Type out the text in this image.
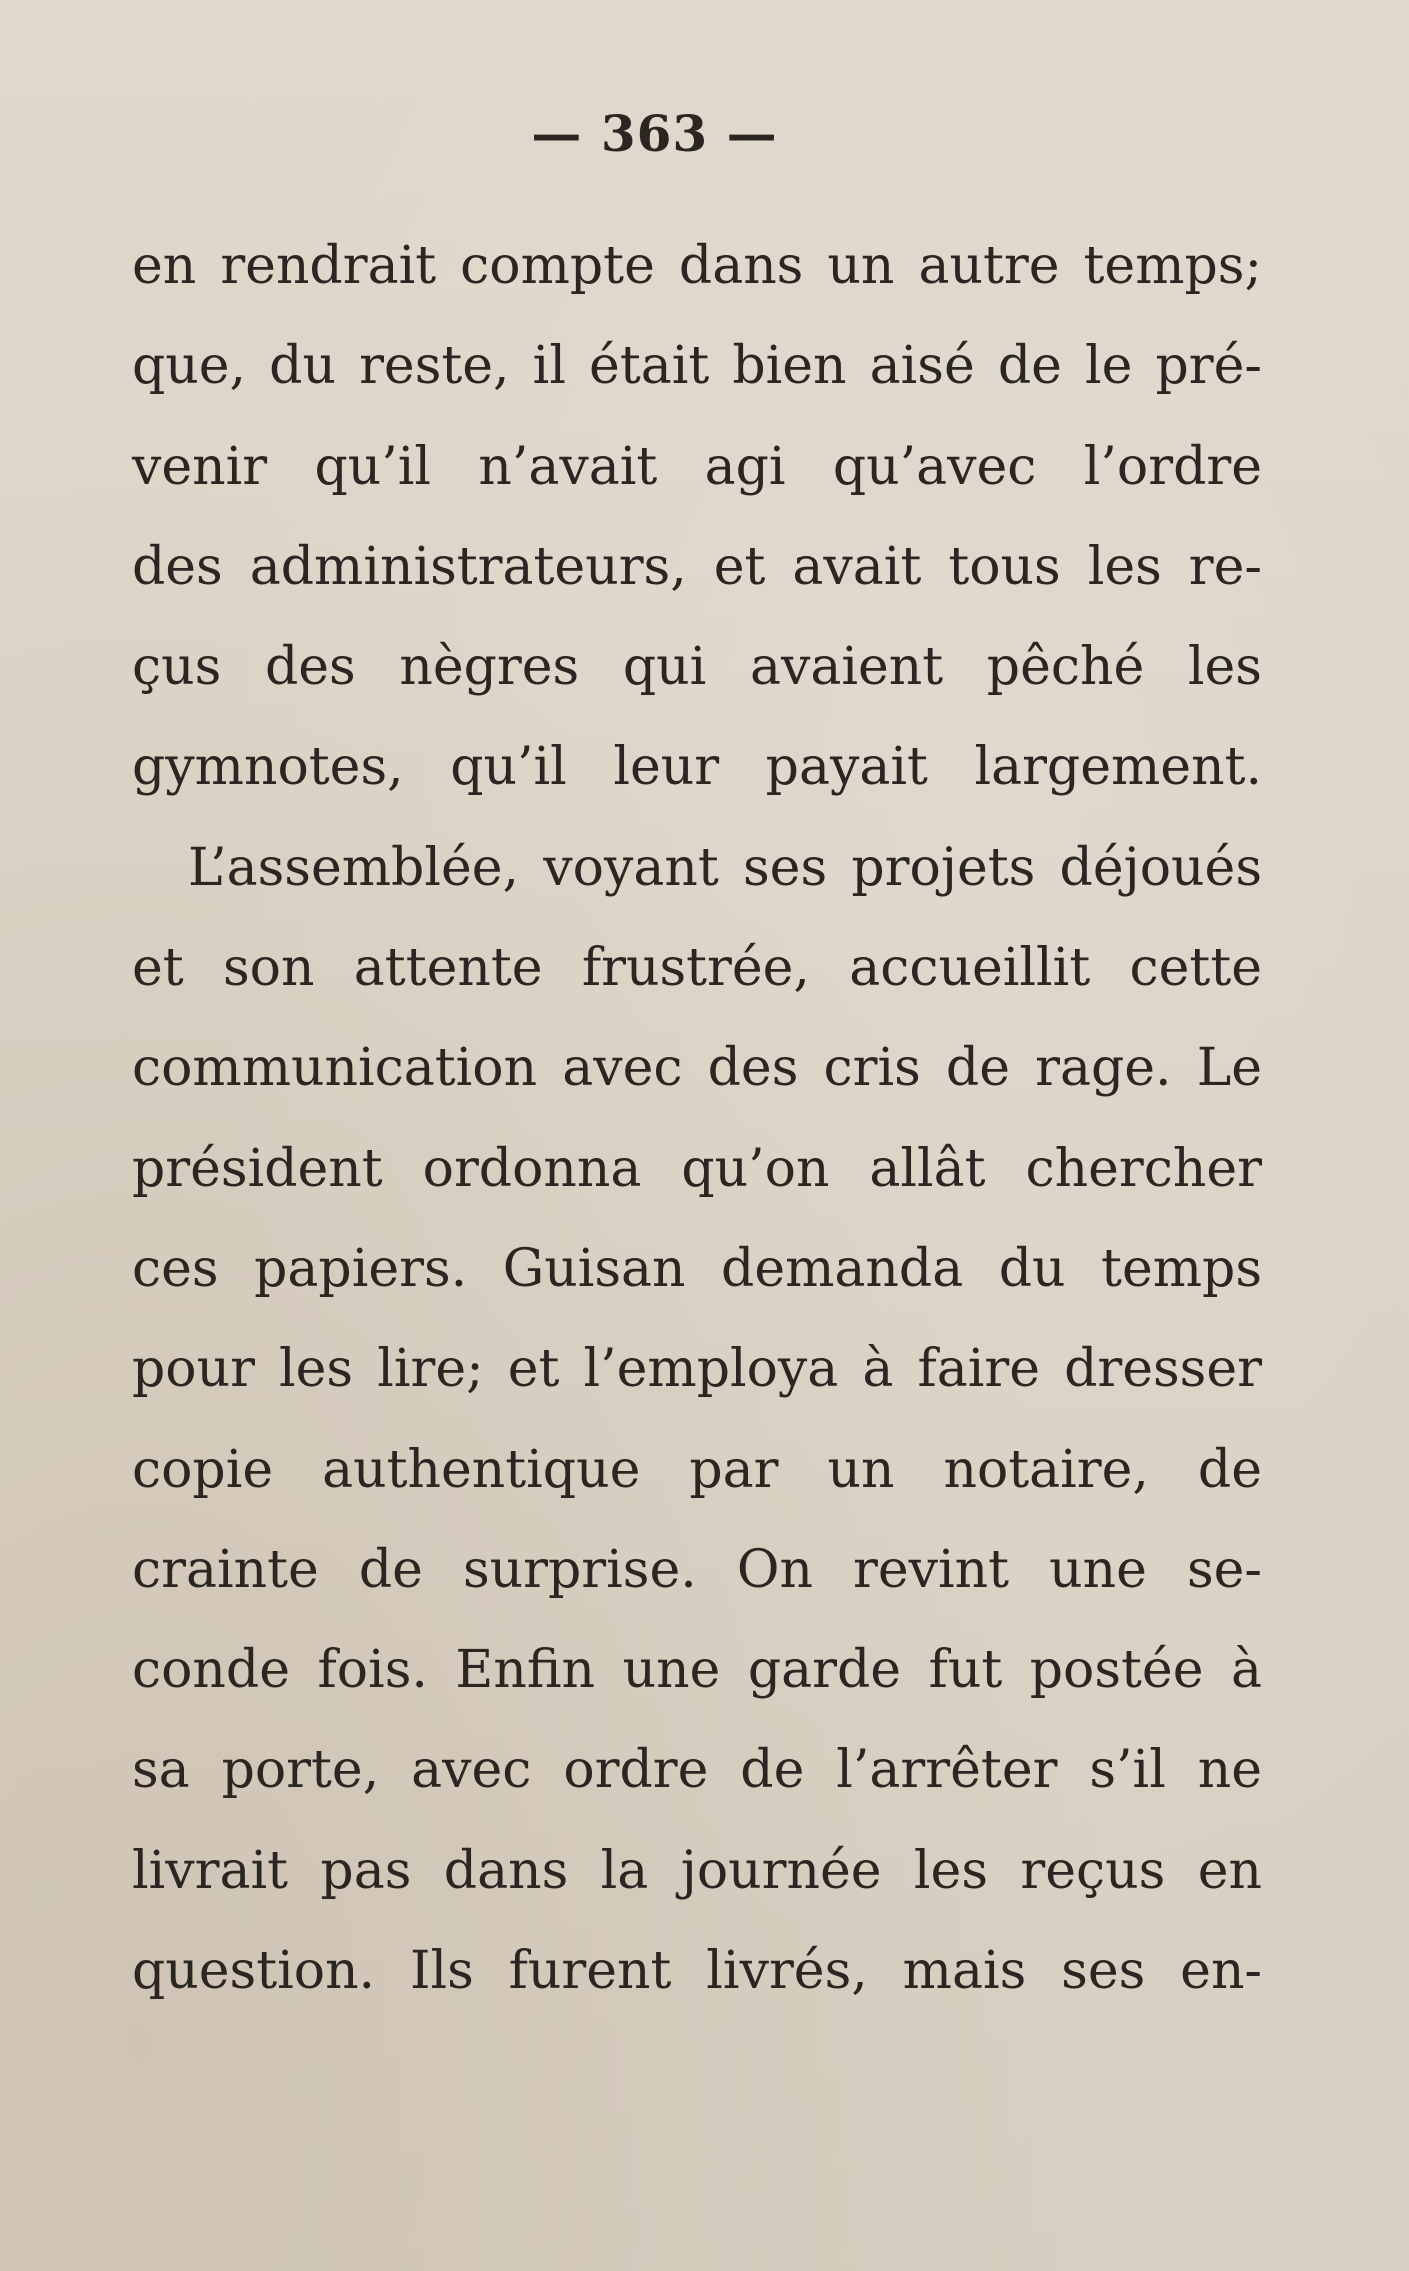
— 363 —
en rendrait compte dans un autre temps;
que, du reste, il était bien aisé de le pré-
venir qu’il n’avait agi qu’avec l’ordre
des administrateurs, et avait tous les re-
çus des nègres qui avaient pêché les
gymnotes, qu’il leur payait largement.
L’assemblée, voyant ses projets déjoués
et son attente frustrée, accueillit cette
communication avec des cris de rage. Le
président ordonna qu’on allât chercher
ces papiers. Guisan demanda du temps
pour les lire; et l’employa à faire dresser
copie authentique par un notaire, de
crainte de surprise. On revint une se-
conde fois. Enfin une garde fut postée à
sa porte, avec ordre de l’arrêter s’il ne
livrait pas dans la journée les reçus en
question. Ils furent livrés, mais ses en-
